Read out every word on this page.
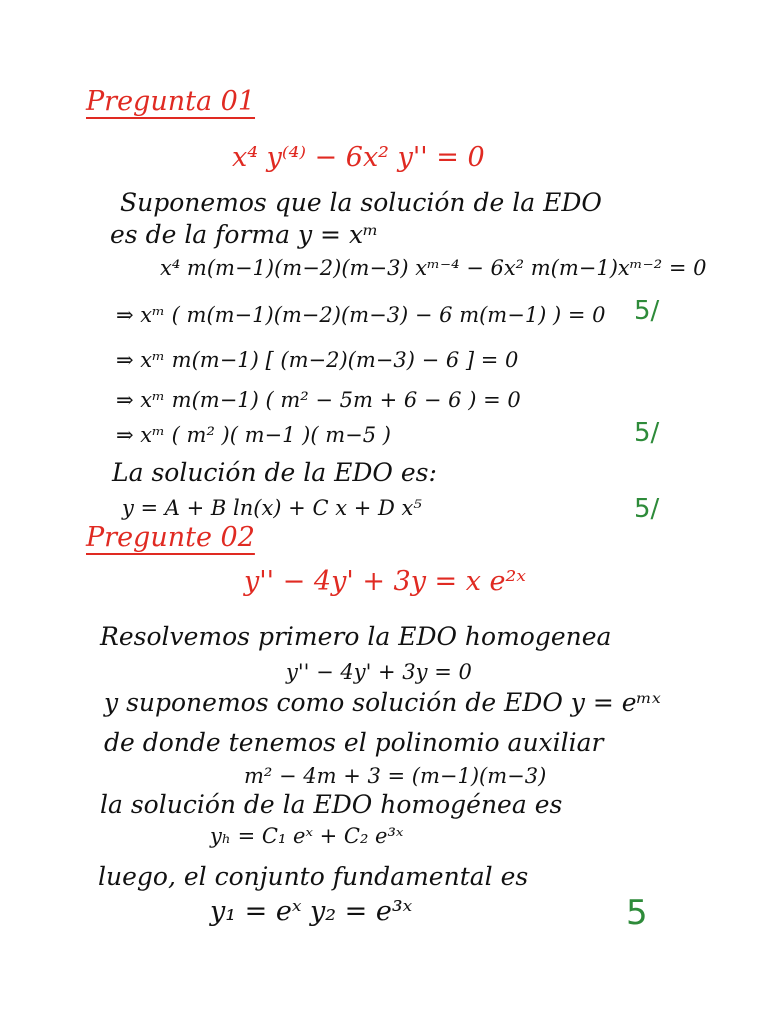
Pregunta 01
x⁴ y⁽⁴⁾ − 6x² y'' = 0
Suponemos que la solución de la EDO
es de la forma y = xᵐ
x⁴ m(m−1)(m−2)(m−3) xᵐ⁻⁴ − 6x² m(m−1)xᵐ⁻² = 0
⇒ xᵐ ( m(m−1)(m−2)(m−3) − 6 m(m−1) ) = 0
⇒ xᵐ m(m−1) [ (m−2)(m−3) − 6 ] = 0
⇒ xᵐ m(m−1) ( m² − 5m + 6 − 6 ) = 0
⇒ xᵐ ( m² )( m−1 )( m−5 )
La solución de la EDO es:
y = A + B ln(x) + C x + D x⁵
5/
5/
5/
Pregunte 02
y'' − 4y' + 3y = x e²ˣ
Resolvemos primero la EDO homogenea
y'' − 4y' + 3y = 0
y suponemos como solución de EDO y = eᵐˣ
de donde tenemos el polinomio auxiliar
m² − 4m + 3 = (m−1)(m−3)
la solución de la EDO homogénea es
yₕ = C₁ eˣ + C₂ e³ˣ
luego, el conjunto fundamental es
y₁ = eˣ y₂ = e³ˣ	5
